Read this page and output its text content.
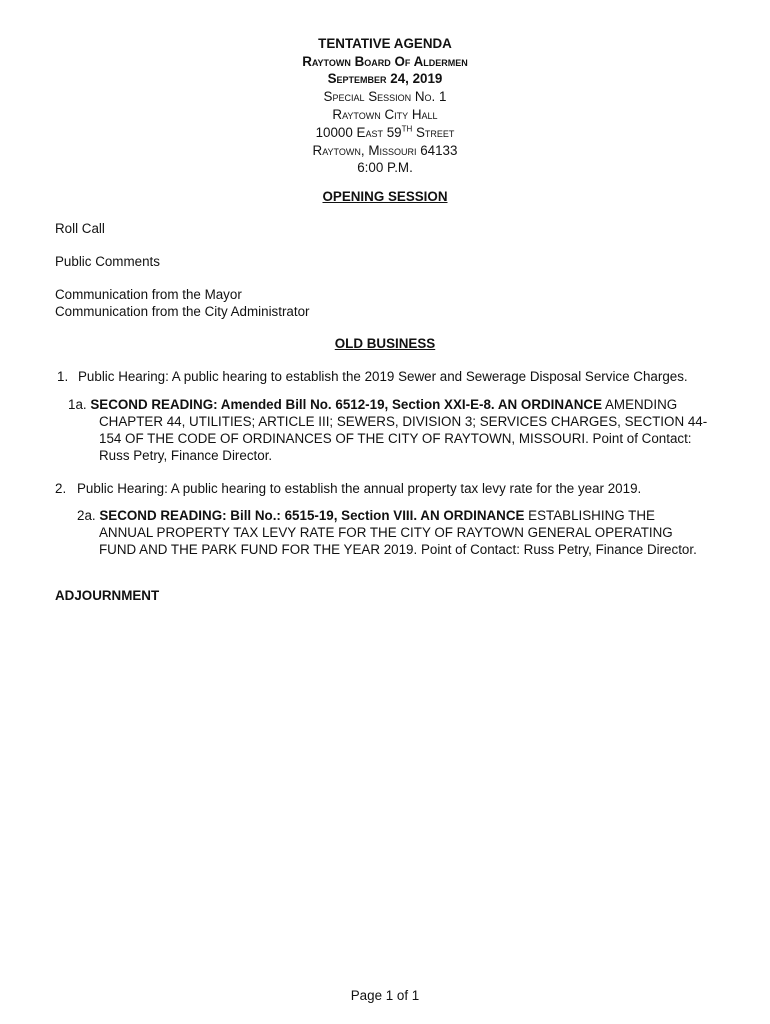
TENTATIVE AGENDA
Raytown Board Of Aldermen
September 24, 2019
Special Session No. 1
Raytown City Hall
10000 East 59TH Street
Raytown, Missouri 64133
6:00 P.M.
OPENING SESSION
Roll Call
Public Comments
Communication from the Mayor
Communication from the City Administrator
OLD BUSINESS
1. Public Hearing: A public hearing to establish the 2019 Sewer and Sewerage Disposal Service Charges.
1a. SECOND READING: Amended Bill No. 6512-19, Section XXI-E-8. AN ORDINANCE AMENDING
CHAPTER 44, UTILITIES; ARTICLE III; SEWERS, DIVISION 3; SERVICES CHARGES, SECTION 44-
154 OF THE CODE OF ORDINANCES OF THE CITY OF RAYTOWN, MISSOURI. Point of Contact:
Russ Petry, Finance Director.
2. Public Hearing: A public hearing to establish the annual property tax levy rate for the year 2019.
2a. SECOND READING: Bill No.: 6515-19, Section VIII. AN ORDINANCE ESTABLISHING THE
ANNUAL PROPERTY TAX LEVY RATE FOR THE CITY OF RAYTOWN GENERAL OPERATING
FUND AND THE PARK FUND FOR THE YEAR 2019. Point of Contact: Russ Petry, Finance Director.
ADJOURNMENT
Page 1 of 1
